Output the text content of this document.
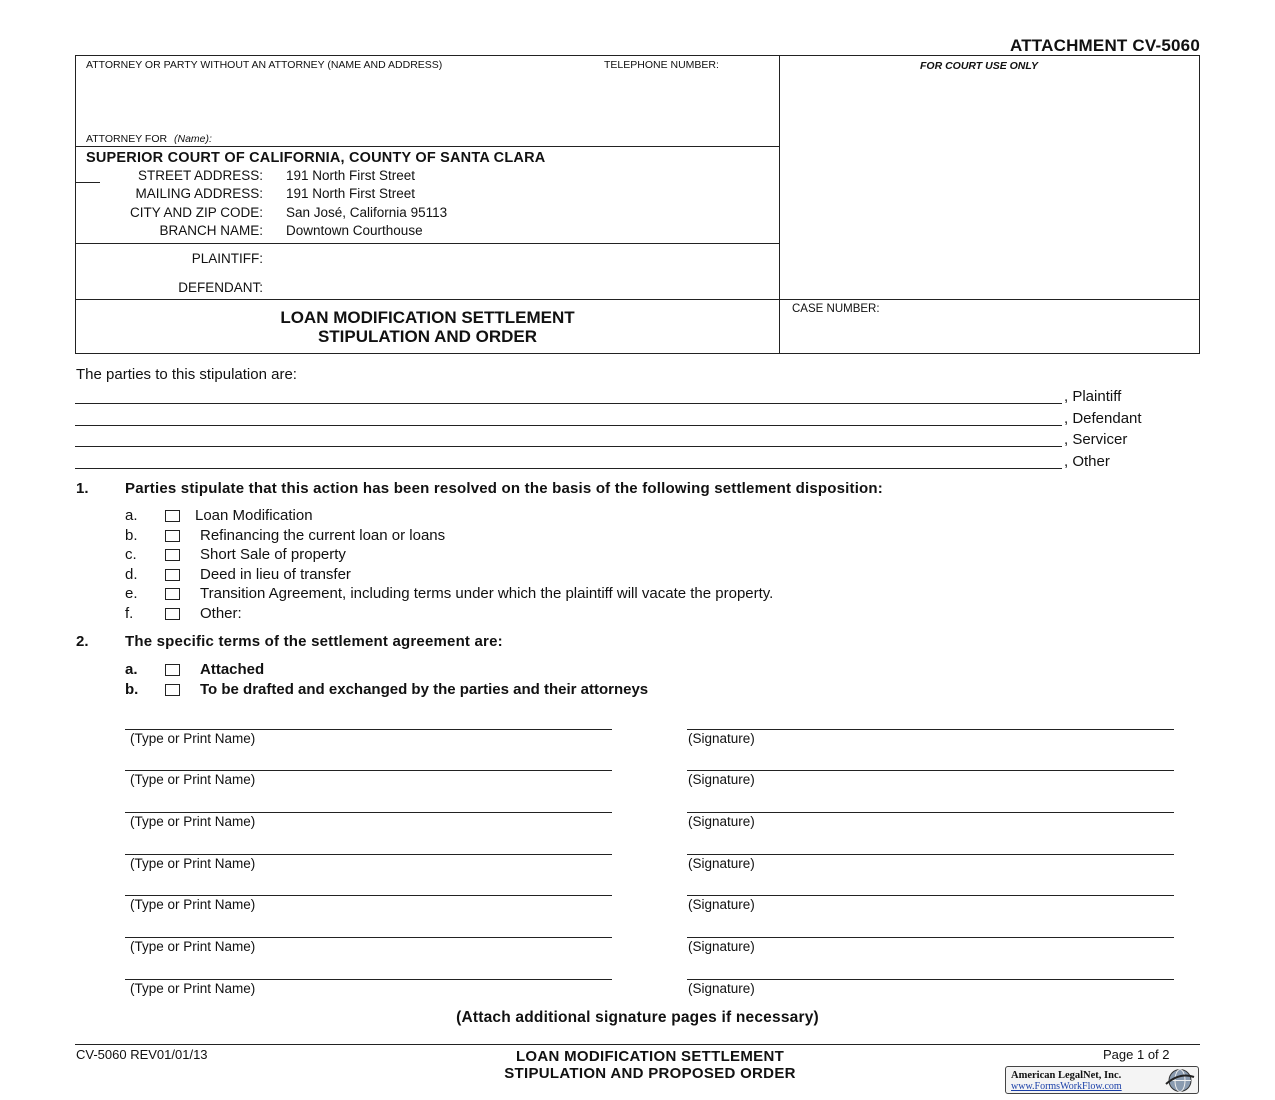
ATTACHMENT CV-5060
ATTORNEY OR PARTY WITHOUT AN ATTORNEY (NAME AND ADDRESS)	TELEPHONE NUMBER:	FOR COURT USE ONLY
ATTORNEY FOR (Name):
SUPERIOR COURT OF CALIFORNIA, COUNTY OF SANTA CLARA
STREET ADDRESS: 191 North First Street
MAILING ADDRESS: 191 North First Street
CITY AND ZIP CODE: San José, California 95113
BRANCH NAME: Downtown Courthouse
PLAINTIFF:
DEFENDANT:
LOAN MODIFICATION SETTLEMENT
STIPULATION AND ORDER
CASE NUMBER:
The parties to this stipulation are:
, Plaintiff
, Defendant
, Servicer
, Other
1. Parties stipulate that this action has been resolved on the basis of the following settlement disposition:
a.	Loan Modification
b.	Refinancing the current loan or loans
c.	Short Sale of property
d.	Deed in lieu of transfer
e.	Transition Agreement, including terms under which the plaintiff will vacate the property.
f.	Other:
2. The specific terms of the settlement agreement are:
a.	Attached
b.	To be drafted and exchanged by the parties and their attorneys
(Type or Print Name)	(Signature)
(Type or Print Name)	(Signature)
(Type or Print Name)	(Signature)
(Type or Print Name)	(Signature)
(Type or Print Name)	(Signature)
(Type or Print Name)	(Signature)
(Type or Print Name)	(Signature)
(Attach additional signature pages if necessary)
CV-5060 REV01/01/13	LOAN MODIFICATION SETTLEMENT
STIPULATION AND PROPOSED ORDER
Page 1 of 2
American LegalNet, Inc.
www.FormsWorkFlow.com
